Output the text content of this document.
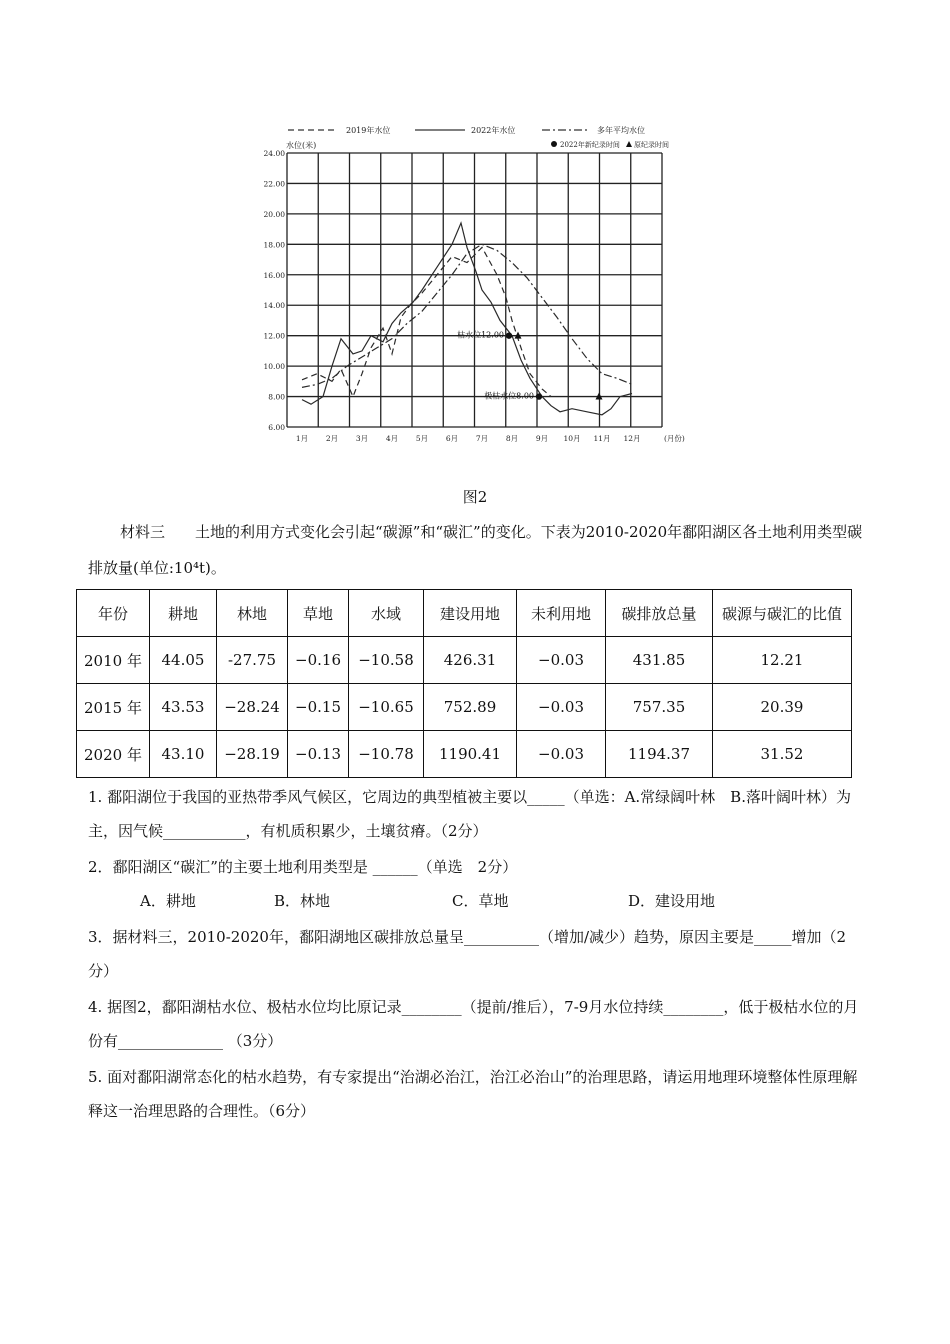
2019年水位	2022年水位	多年平均水位
2022年新纪录时间 原纪录时间
水位(米)
24.00
22.00
20.00
18.00
16.00
14.00
12.00
10.00
8.00
6.00
1月 2月 3月 4月 5月 6月 7月 8月 9月 10月 11月 12月	(月份)
枯水位12.00
极枯水位8.00
图2
材料三　　 土地的利用方式变化会引起“碳源”和“碳汇”的变化。下表为2010-2020年鄱阳湖区各土地利用类型碳排放量(单位:10⁴t)。
年份	耕地	林地	草地	水域	建设用地	未利用地	碳排放总量	碳源与碳汇的比值
2010 年	44.05	-27.75	−0.16	−10.58	426.31	−0.03	431.85	12.21
2015 年	43.53	−28.24	−0.15	−10.65	752.89	−0.03	757.35	20.39
2020 年	43.10	−28.19	−0.13	−10.78	1190.41	−0.03	1194.37	31.52
1. 鄱阳湖位于我国的亚热带季风气候区，它周边的典型植被主要以_____（单选：A.常绿阔叶林　B.落叶阔叶林）为主，因气候___________，有机质积累少，土壤贫瘠。（2分）
2．鄱阳湖区“碳汇”的主要土地利用类型是 ______（单选　2分）
A．耕地	B．林地	C．草地	D．建设用地
3．据材料三，2010-2020年，鄱阳湖地区碳排放总量呈__________（增加/减少）趋势，原因主要是_____增加（2分）
4. 据图2，鄱阳湖枯水位、极枯水位均比原记录________（提前/推后），7-9月水位持续________，低于极枯水位的月份有______________ （3分）
5. 面对鄱阳湖常态化的枯水趋势，有专家提出“治湖必治江，治江必治山”的治理思路，请运用地理环境整体性原理解释这一治理思路的合理性。（6分）
